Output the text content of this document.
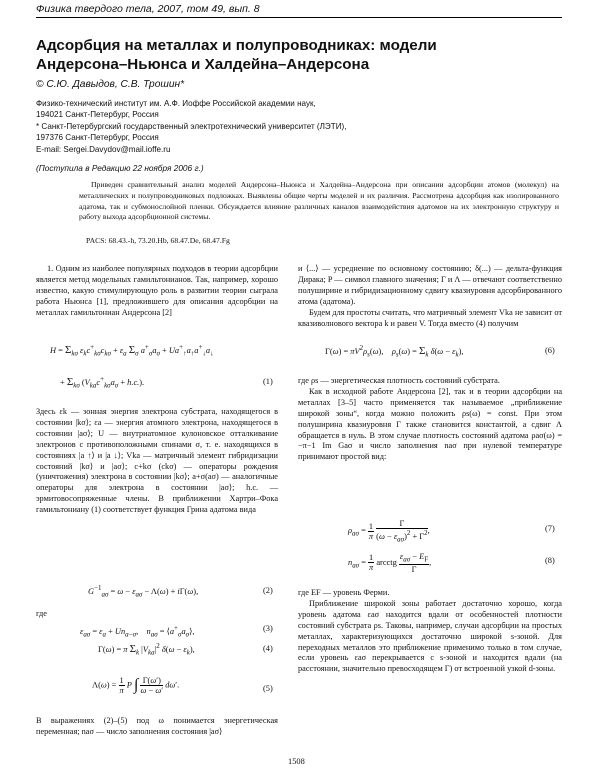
Физика твердого тела, 2007, том 49, вып. 8
Адсорбция на металлах и полупроводниках: модели Андерсона–Ньюнса и Халдейна–Андерсона
© С.Ю. Давыдов, С.В. Трошин*
Физико-технический институт им. А.Ф. Иоффе Российской академии наук,
194021 Санкт-Петербург, Россия
* Санкт-Петербургский государственный электротехнический университет (ЛЭТИ),
197376 Санкт-Петербург, Россия
E-mail: Sergei.Davydov@mail.ioffe.ru
(Поступила в Редакцию 22 ноября 2006 г.)
Приведен сравнительный анализ моделей Андерсона–Ньюнса и Халдейна–Андерсона при описании адсорбции атомов (молекул) на металлических и полупроводниковых подложках. Выявлены общие черты моделей и их различия. Рассмотрена адсорбция как изолированного адатома, так и субмонослойной пленки. Обсуждается влияние различных каналов взаимодействия адатомов на их электронную структуру и работу выхода адсорбционной системы.
PACS: 68.43.-h, 73.20.Hb, 68.47.De, 68.47.Fg

1. Одним из наиболее популярных подходов в теории адсорбции является метод модельных гамильтонианов. Так, например, хорошо известно, какую стимулирующую роль в развитии теории сыграла работа Ньюнса [1], предложившего для описания адсорбции на металлах гамильтониан Андерсона [2]

$H = \Sigma_{k\sigma}$ $\varepsilon_kc^+_{k\sigma}c_{k\sigma} + \varepsilon_a$ $\Sigma_\sigma$ $a^+_\sigma a_\sigma + Ua^+_↑a_↑a^+_↓a_↓$
+ $\Sigma_{k\sigma}$ $(V_{ka}c^+_{k\sigma}a_\sigma + h.c.)$.	(1)

Здесь εk — зонная энергия электрона субстрата, находящегося в состоянии |kσ⟩; εa — энергия атомного электрона, находящегося в состоянии |aσ⟩; U — внутриатомное кулоновское отталкивание электронов с противоположными спинами σ, т. е. находящихся в состояниях |a ↑⟩ и |a ↓⟩; Vka — матричный элемент гибридизации состояний |kσ⟩ и |aσ⟩; c+kσ (ckσ) — операторы рождения (уничтожения) электрона в состоянии |kσ⟩; a+σ(aσ) — аналогичные операторы для электрона в состоянии |aσ⟩; h.c. — эрмитовосопряженные члены. В приближении Хартри–Фока гамильтониану (1) соответствует функция Грина адатома вида

$G^{-1}_{a\sigma} = \omega - \varepsilon_{a\sigma} - \Lambda(\omega) + i\Gamma(\omega)$,	(2)

где

$\varepsilon_{a\sigma} = \varepsilon_a + Un_{a-\sigma}$,    $n_{a\sigma}$ = $⟨a^+_\sigma a_\sigma⟩$,	(3)
Γ(ω) = π $\Sigma_k$ $|V_{ka}|^2$ $\delta(\omega - \varepsilon_k)$,	(4)
$\Lambda(\omega) = \frac{1}{\pi}$ P ∫ $\frac{\Gamma(\omega')}{\omega - \omega'} d\omega'$.	(5)

В выражениях (2)–(5) под ω понимается энергетическая переменная; naσ — число заполнения состояния |aσ⟩

и ⟨...⟩ — усреднение по основному состоянию; δ(...) — дельта-функция Дирака; P — символ главного значения; Γ и Λ — отвечают соответственно полуширине и гибридизационному сдвигу квазиуровня адсорбированного атома (адатома).

Будем для простоты считать, что матричный элемент Vka не зависит от квазиволнового вектора k и равен V. Тогда вместо (4) получим

$\Gamma(\omega) = \pi V^2\rho_s(\omega)$,    $\rho_s(\omega) = \Sigma_k$ $\delta(\omega - \varepsilon_k)$,	(6)

где ρs — энергетическая плотность состояний субстрата.

Как в исходной работе Андерсона [2], так и в теории адсорбции на металлах [3–5] часто применяется так называемое „приближение широкой зоны“, когда можно положить ρs(ω) = const. При этом полуширина квазиуровня Γ также становится константой, а сдвиг Λ обращается в нуль. В этом случае плотность состояний адатома ρaσ(ω) = −π−1 Im Gaσ и число заполнения naσ при нулевой температуре принимают простой вид:

$\rho_{a\sigma} = \frac{1}{\pi}$
$\frac{\Gamma}{(\omega - \varepsilon_{a\sigma})^2 + \Gamma^2}$ ,	(7)
$n_{a\sigma} = \frac{1}{\pi}$ arcctg $\frac{\varepsilon_{a\sigma} - E_F}{\Gamma}$ ,	(8)

где EF — уровень Ферми.

Приближение широкой зоны работает достаточно хорошо, когда уровень адатома εaσ находится вдали от особенностей плотности состояний субстрата ρs. Таковы, например, случаи адсорбции на простых металлах, характеризующихся достаточно широкой s-зоной. Для переходных металлов это приближение применимо только в том случае, если уровень εaσ перекрывается с s-зоной и находится вдали (на расстоянии, значительно превосходящем Γ) от встроенной узкой d-зоны.

1508
